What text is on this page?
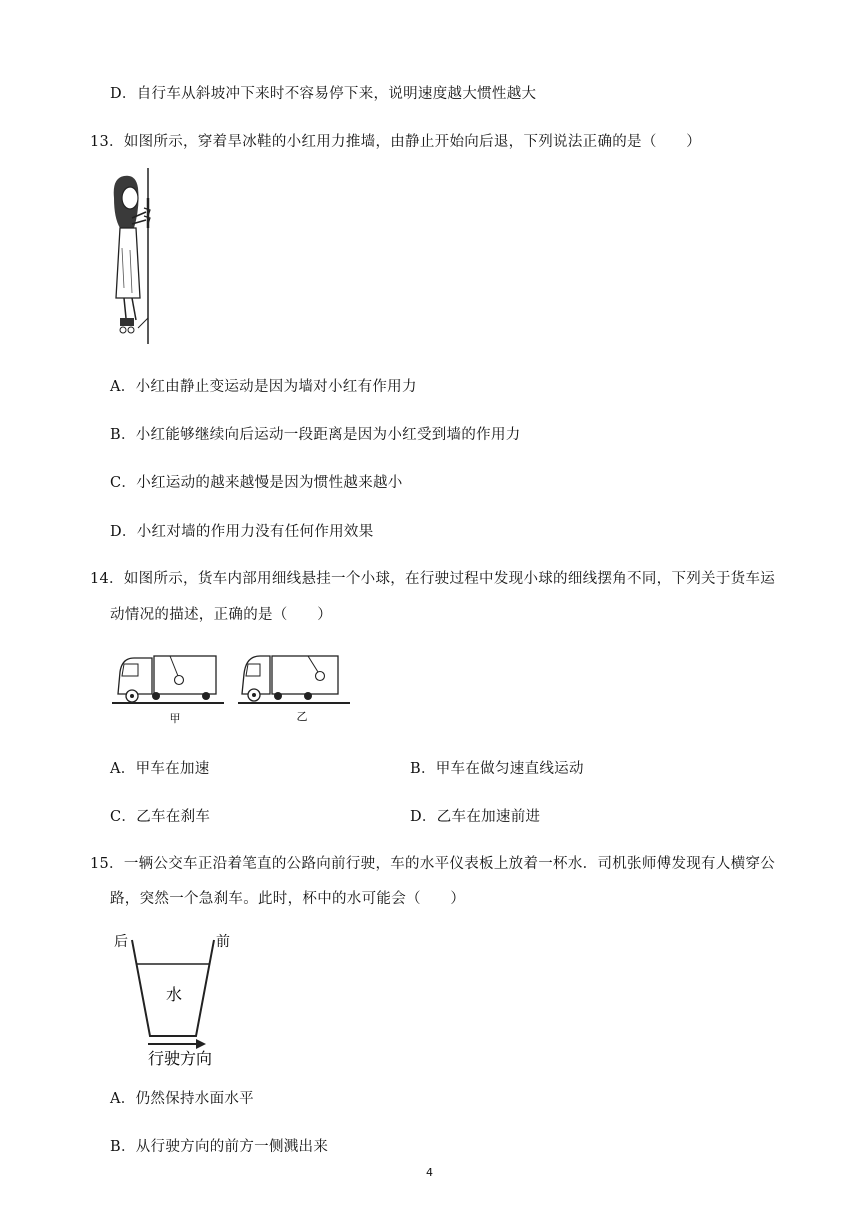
D．自行车从斜坡冲下来时不容易停下来，说明速度越大惯性越大
13．如图所示，穿着旱冰鞋的小红用力推墙，由静止开始向后退，下列说法正确的是（　　）
A．小红由静止变运动是因为墙对小红有作用力
B．小红能够继续向后运动一段距离是因为小红受到墙的作用力
C．小红运动的越来越慢是因为惯性越来越小
D．小红对墙的作用力没有任何作用效果
14．如图所示，货车内部用细线悬挂一个小球，在行驶过程中发现小球的细线摆角不同，下列关于货车运
动情况的描述，正确的是（　　）
甲	乙
A．甲车在加速	B．甲车在做匀速直线运动
C．乙车在刹车	D．乙车在加速前进
15．一辆公交车正沿着笔直的公路向前行驶，车的水平仪表板上放着一杯水．司机张师傅发现有人横穿公
路，突然一个急刹车。此时，杯中的水可能会（　　）
后	前
水
行驶方向
A．仍然保持水面水平
B．从行驶方向的前方一侧溅出来
4
